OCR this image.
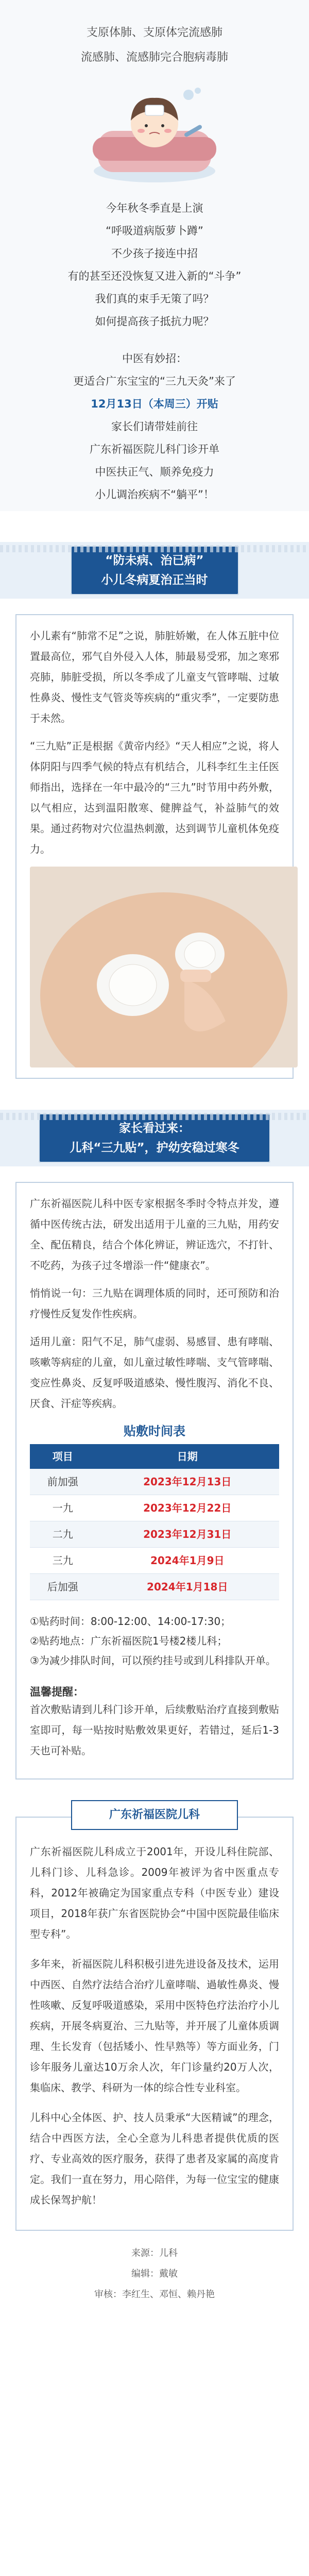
支原体肺、支原体完流感肺

流感肺、流感肺完合胞病毒肺

今年秋冬季直是上演

“呼吸道病版萝卜蹲”

不少孩子接连中招

有的甚至还没恢复又进入新的“斗争”

我们真的束手无策了吗？

如何提高孩子抵抗力呢？

中医有妙招：

更适合广东宝宝的“三九天灸”来了

12月13日（本周三）开贴

家长们请带娃前往

广东祈福医院儿科门诊开单

中医扶正气、顺养免疫力

小儿调治疾病不“躺平”！

“防未病、治已病”
小儿冬病夏治正当时

小儿素有“肺常不足”之说，肺脏娇嫩，在人体五脏中位置最高位，邪气自外侵入人体，肺最易受邪，加之寒邪亮肺，肺脏受损，所以冬季成了儿童支气管哮喘、过敏性鼻炎、慢性支气管炎等疾病的“重灾季”，一定要防患于未然。

“三九贴”正是根据《黄帝内经》“天人相应”之说，将人体阴阳与四季气候的特点有机结合，儿科李红生主任医师指出，选择在一年中最冷的“三九”时节用中药外敷，以气相应，达到温阳散寒、健脾益气，补益肺气的效果。通过药物对穴位温热刺激，达到调节儿童机体免疫力。

家长看过来：
儿科“三九贴”，护幼安稳过寒冬

广东祈福医院儿科中医专家根据冬季时令特点并发，遵循中医传统古法，研发出适用于儿童的三九贴，用药安全、配伍精良，结合个体化辨证，辨证选穴，不打针、不吃药，为孩子过冬增添一件“健康衣”。

悄悄说一句：三九贴在调理体质的同时，还可预防和治疗慢性反复发作性疾病。

适用儿童：阳气不足，肺气虚弱、易感冒、患有哮喘、咳嗽等病症的儿童，如儿童过敏性哮喘、支气管哮喘、变应性鼻炎、反复呼吸道感染、慢性腹泻、消化不良、厌食、汗症等疾病。

贴敷时间表
项目	日期
前加强	2023年12月13日
一九	2023年12月22日
二九	2023年12月31日
三九	2024年1月9日
后加强	2024年1月18日

①贴药时间：8:00-12:00、14:00-17:30；

②贴药地点：广东祈福医院1号楼2楼儿科；

③为减少排队时间，可以预约挂号或到儿科排队开单。

温馨提醒：

首次敷贴请到儿科门诊开单，后续敷贴治疗直接到敷贴室即可，每一贴按时贴敷效果更好，若错过，延后1-3天也可补贴。

广东祈福医院儿科

广东祈福医院儿科成立于2001年，开设儿科住院部、儿科门诊、儿科急诊。2009年被评为省中医重点专科，2012年被确定为国家重点专科（中医专业）建设项目，2018年获广东省医院协会“中国中医院最佳临床型专科”。

多年来，祈福医院儿科积极引进先进设备及技术，运用中西医、自然疗法结合治疗儿童哮喘、過敏性鼻炎、慢性咳嗽、反复呼吸道感染，采用中医特色疗法治疗小儿疾病，开展冬病夏治、三九贴等，并开展了儿童体质调理、生长发育（包括矮小、性早熟等）等方面业务，门诊年服务儿童达10万余人次，年门诊量约20万人次，集临床、教学、科研为一体的综合性专业科室。

儿科中心全体医、护、技人员秉承“大医精诚”的理念，结合中西医方法，全心全意为儿科患者提供优质的医疗、专业高效的医疗服务，获得了患者及家属的高度肯定。我们一直在努力，用心陪伴，为每一位宝宝的健康成长保驾护航！

来源：儿科

编辑：戴敏

审核：李红生、邓恒、赖丹艳
